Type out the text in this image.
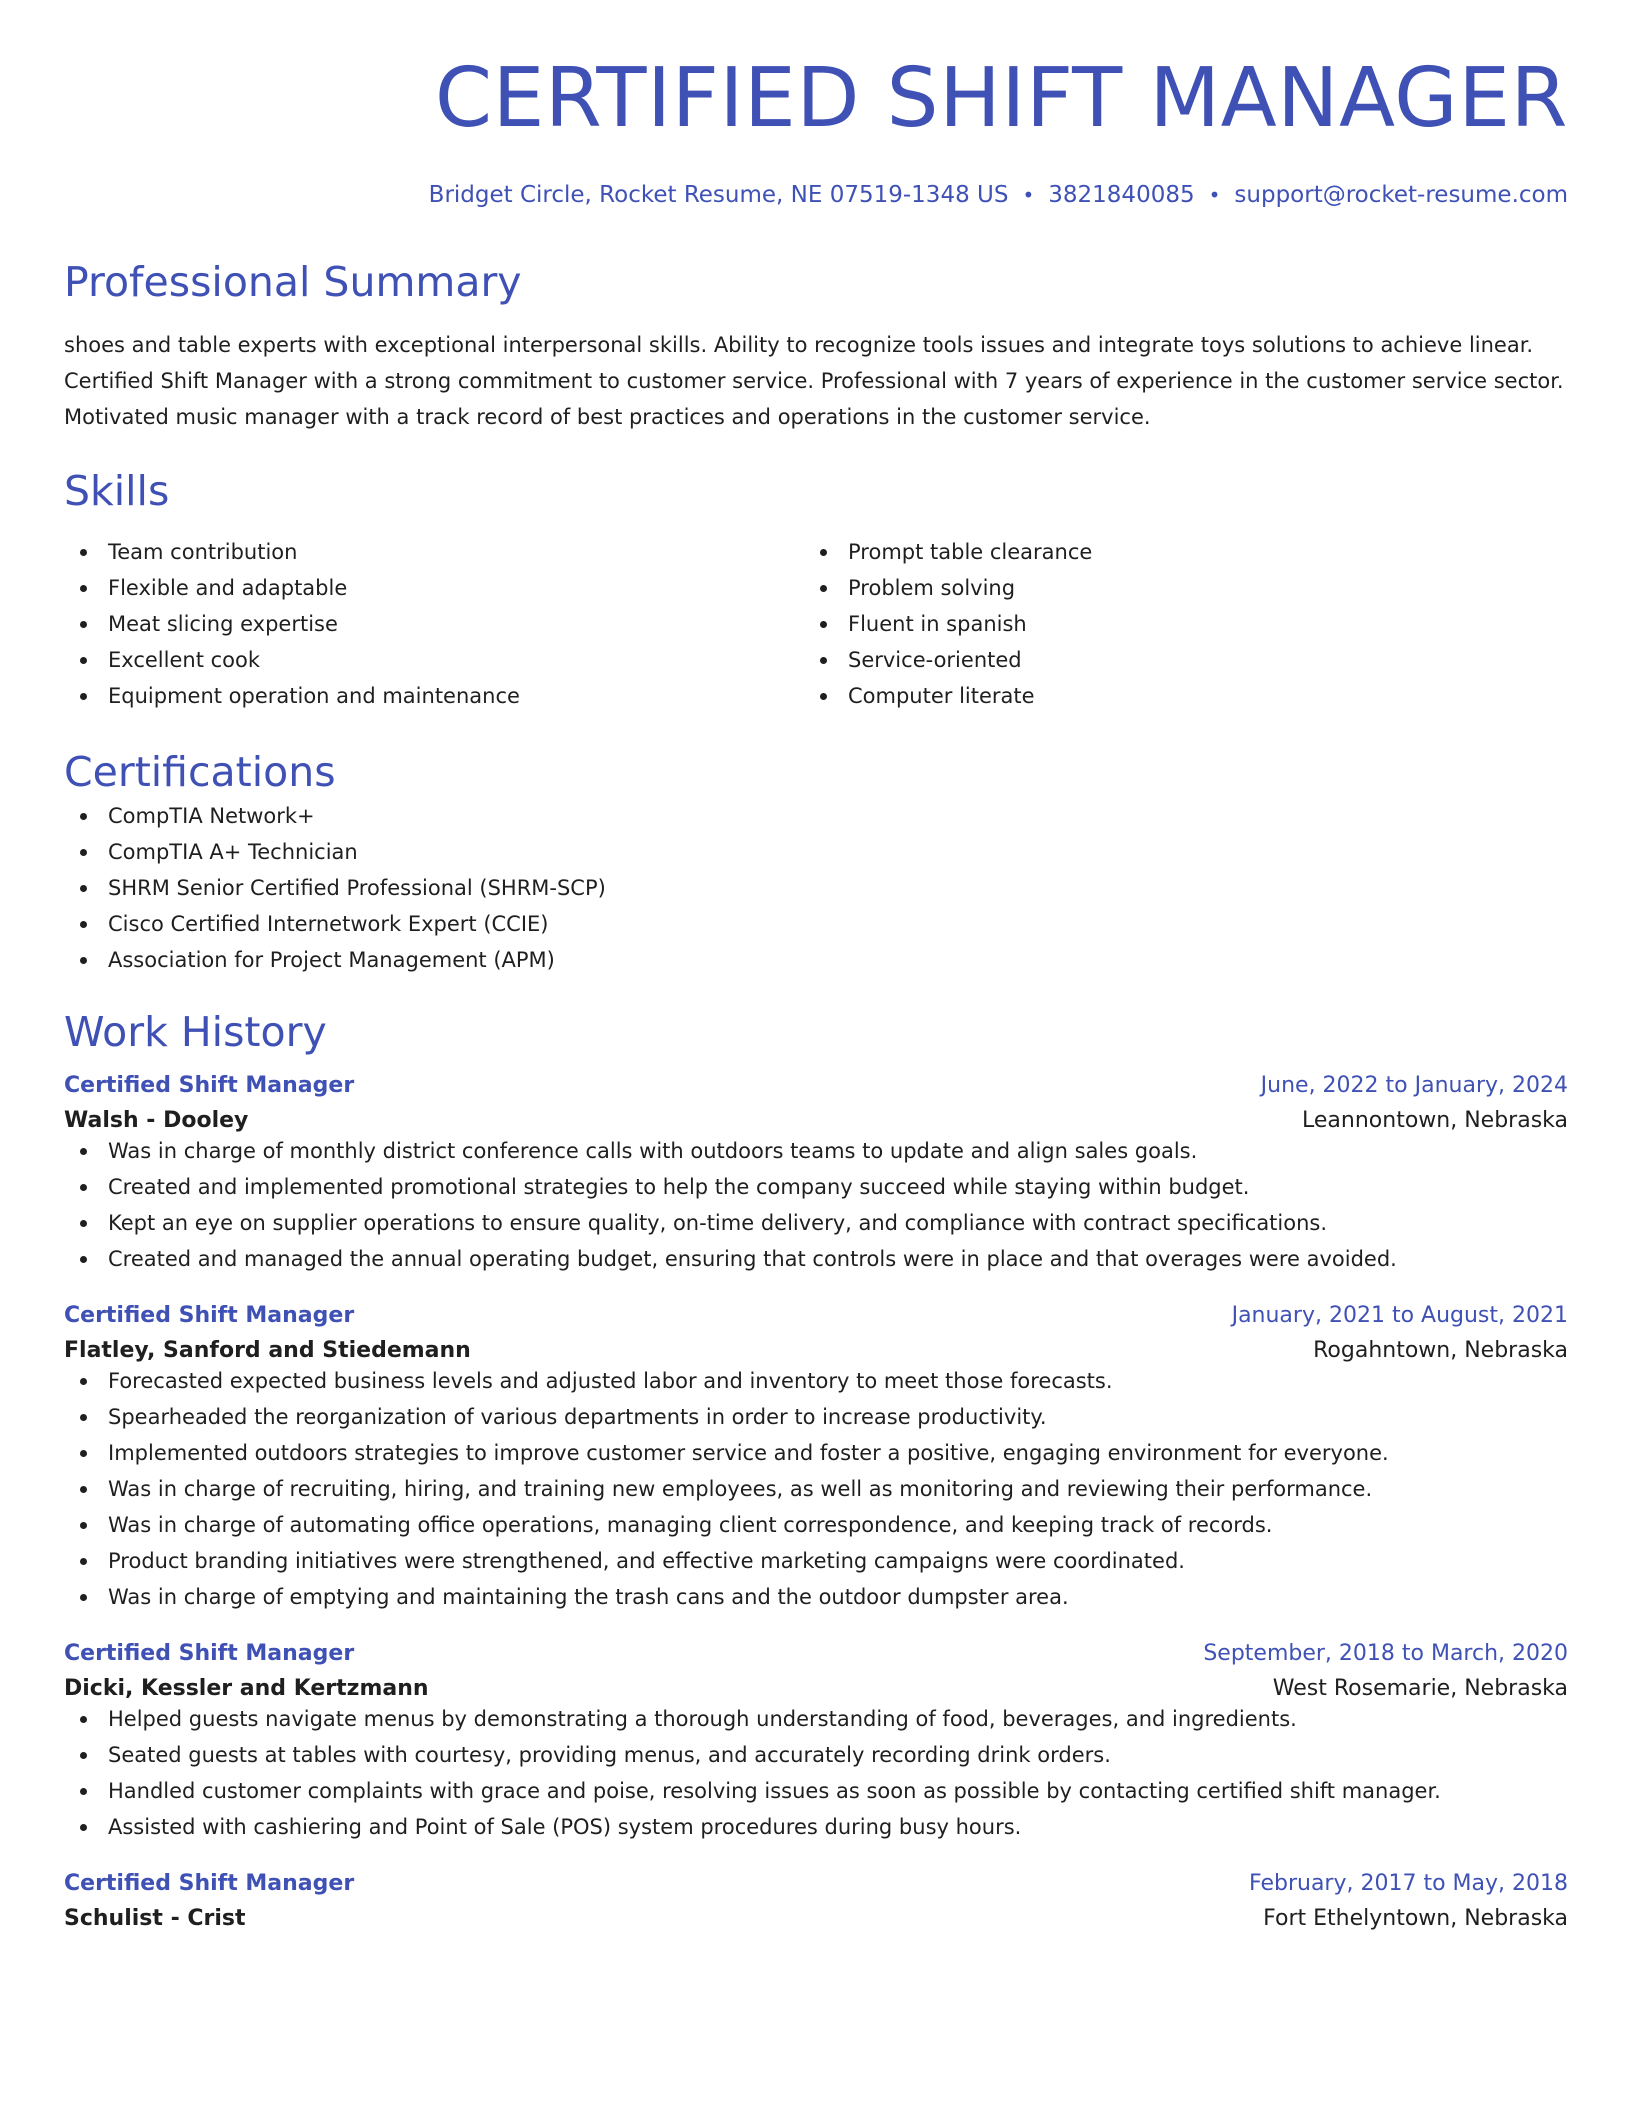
CERTIFIED SHIFT MANAGER
Bridget Circle, Rocket Resume, NE 07519-1348 US • 3821840085 • support@rocket-resume.com
Professional Summary
shoes and table experts with exceptional interpersonal skills. Ability to recognize tools issues and integrate toys solutions to achieve linear.
Certified Shift Manager with a strong commitment to customer service. Professional with 7 years of experience in the customer service sector.
Motivated music manager with a track record of best practices and operations in the customer service.
Skills
Team contribution
Flexible and adaptable
Meat slicing expertise
Excellent cook
Equipment operation and maintenance
Prompt table clearance
Problem solving
Fluent in spanish
Service-oriented
Computer literate
Certifications
CompTIA Network+
CompTIA A+ Technician
SHRM Senior Certified Professional (SHRM-SCP)
Cisco Certified Internetwork Expert (CCIE)
Association for Project Management (APM)
Work History
Certified Shift Manager	June, 2022 to January, 2024
Walsh - Dooley	Leannontown, Nebraska
Was in charge of monthly district conference calls with outdoors teams to update and align sales goals.
Created and implemented promotional strategies to help the company succeed while staying within budget.
Kept an eye on supplier operations to ensure quality, on-time delivery, and compliance with contract specifications.
Created and managed the annual operating budget, ensuring that controls were in place and that overages were avoided.
Certified Shift Manager	January, 2021 to August, 2021
Flatley, Sanford and Stiedemann	Rogahntown, Nebraska
Forecasted expected business levels and adjusted labor and inventory to meet those forecasts.
Spearheaded the reorganization of various departments in order to increase productivity.
Implemented outdoors strategies to improve customer service and foster a positive, engaging environment for everyone.
Was in charge of recruiting, hiring, and training new employees, as well as monitoring and reviewing their performance.
Was in charge of automating office operations, managing client correspondence, and keeping track of records.
Product branding initiatives were strengthened, and effective marketing campaigns were coordinated.
Was in charge of emptying and maintaining the trash cans and the outdoor dumpster area.
Certified Shift Manager	September, 2018 to March, 2020
Dicki, Kessler and Kertzmann	West Rosemarie, Nebraska
Helped guests navigate menus by demonstrating a thorough understanding of food, beverages, and ingredients.
Seated guests at tables with courtesy, providing menus, and accurately recording drink orders.
Handled customer complaints with grace and poise, resolving issues as soon as possible by contacting certified shift manager.
Assisted with cashiering and Point of Sale (POS) system procedures during busy hours.
Certified Shift Manager	February, 2017 to May, 2018
Schulist - Crist	Fort Ethelyntown, Nebraska
